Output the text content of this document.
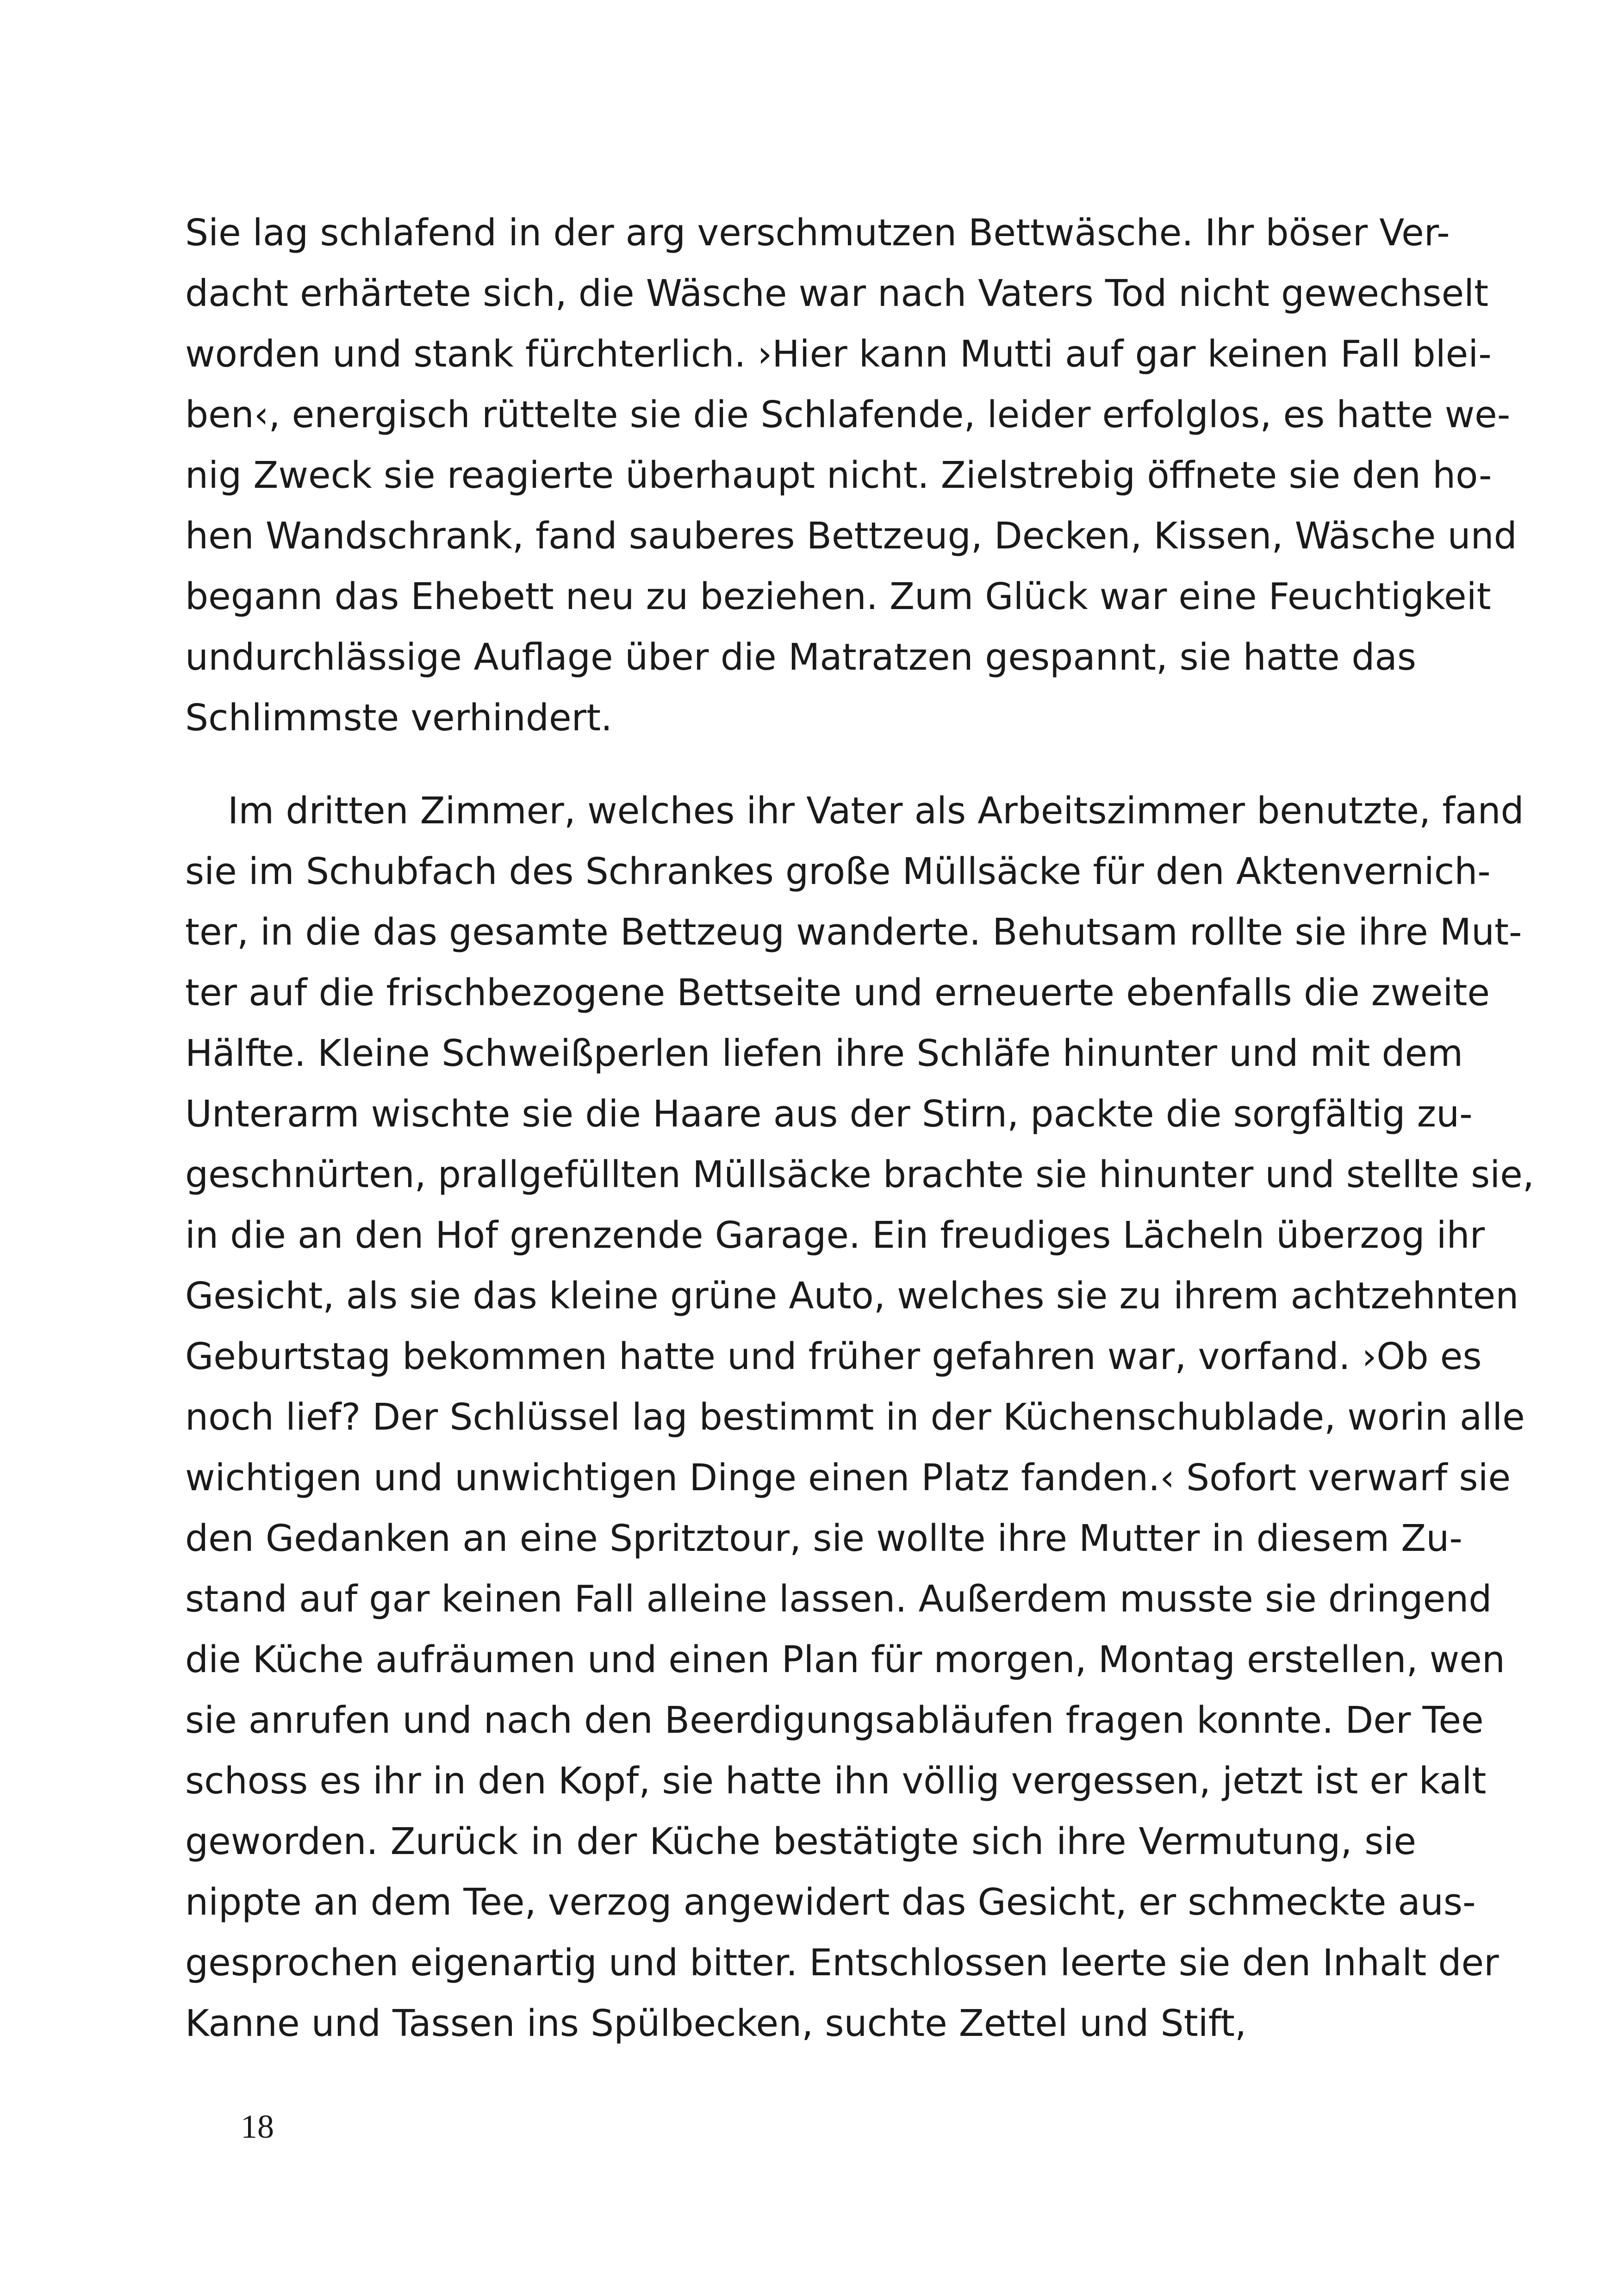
Sie lag schlafend in der arg verschmutzen Bettwäsche. Ihr böser Ver-
dacht erhärtete sich, die Wäsche war nach Vaters Tod nicht gewechselt
worden und stank fürchterlich. ›Hier kann Mutti auf gar keinen Fall blei-
ben‹, energisch rüttelte sie die Schlafende, leider erfolglos, es hatte we-
nig Zweck sie reagierte überhaupt nicht. Zielstrebig öffnete sie den ho-
hen Wandschrank, fand sauberes Bettzeug, Decken, Kissen, Wäsche und
begann das Ehebett neu zu beziehen. Zum Glück war eine Feuchtigkeit
undurchlässige Auflage über die Matratzen gespannt, sie hatte das
Schlimmste verhindert.
Im dritten Zimmer, welches ihr Vater als Arbeitszimmer benutzte, fand
sie im Schubfach des Schrankes große Müllsäcke für den Aktenvernich-
ter, in die das gesamte Bettzeug wanderte. Behutsam rollte sie ihre Mut-
ter auf die frischbezogene Bettseite und erneuerte ebenfalls die zweite
Hälfte. Kleine Schweißperlen liefen ihre Schläfe hinunter und mit dem
Unterarm wischte sie die Haare aus der Stirn, packte die sorgfältig zu-
geschnürten, prallgefüllten Müllsäcke brachte sie hinunter und stellte sie,
in die an den Hof grenzende Garage. Ein freudiges Lächeln überzog ihr
Gesicht, als sie das kleine grüne Auto, welches sie zu ihrem achtzehnten
Geburtstag bekommen hatte und früher gefahren war, vorfand. ›Ob es
noch lief? Der Schlüssel lag bestimmt in der Küchenschublade, worin alle
wichtigen und unwichtigen Dinge einen Platz fanden.‹ Sofort verwarf sie
den Gedanken an eine Spritztour, sie wollte ihre Mutter in diesem Zu-
stand auf gar keinen Fall alleine lassen. Außerdem musste sie dringend
die Küche aufräumen und einen Plan für morgen, Montag erstellen, wen
sie anrufen und nach den Beerdigungsabläufen fragen konnte. Der Tee
schoss es ihr in den Kopf, sie hatte ihn völlig vergessen, jetzt ist er kalt
geworden. Zurück in der Küche bestätigte sich ihre Vermutung, sie
nippte an dem Tee, verzog angewidert das Gesicht, er schmeckte aus-
gesprochen eigenartig und bitter. Entschlossen leerte sie den Inhalt der
Kanne und Tassen ins Spülbecken, suchte Zettel und Stift,
18
